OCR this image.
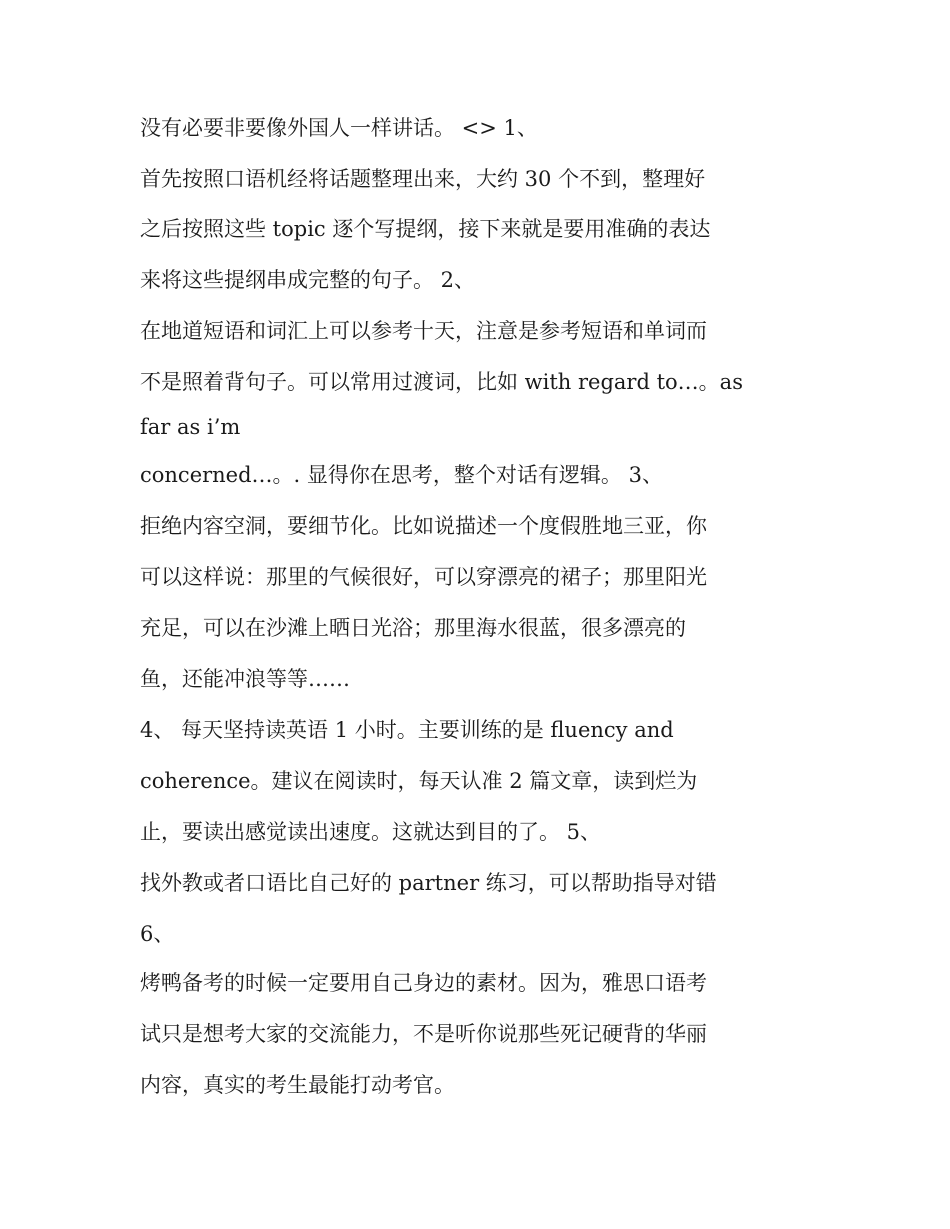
没有必要非要像外国人一样讲话。 <> 1、
首先按照口语机经将话题整理出来，大约 30 个不到，整理好
之后按照这些 topic 逐个写提纲，接下来就是要用准确的表达
来将这些提纲串成完整的句子。 2、
在地道短语和词汇上可以参考十天，注意是参考短语和单词而
不是照着背句子。可以常用过渡词，比如 with regard to…。as
far as i’m
concerned…。. 显得你在思考，整个对话有逻辑。 3、
拒绝内容空洞，要细节化。比如说描述一个度假胜地三亚，你
可以这样说：那里的气候很好，可以穿漂亮的裙子；那里阳光
充足，可以在沙滩上晒日光浴；那里海水很蓝，很多漂亮的
鱼，还能冲浪等等……
4、 每天坚持读英语 1 小时。主要训练的是 fluency and
coherence。建议在阅读时，每天认准 2 篇文章，读到烂为
止，要读出感觉读出速度。这就达到目的了。 5、
找外教或者口语比自己好的 partner 练习，可以帮助指导对错
6、
烤鸭备考的时候一定要用自己身边的素材。因为，雅思口语考
试只是想考大家的交流能力，不是听你说那些死记硬背的华丽
内容，真实的考生最能打动考官。
